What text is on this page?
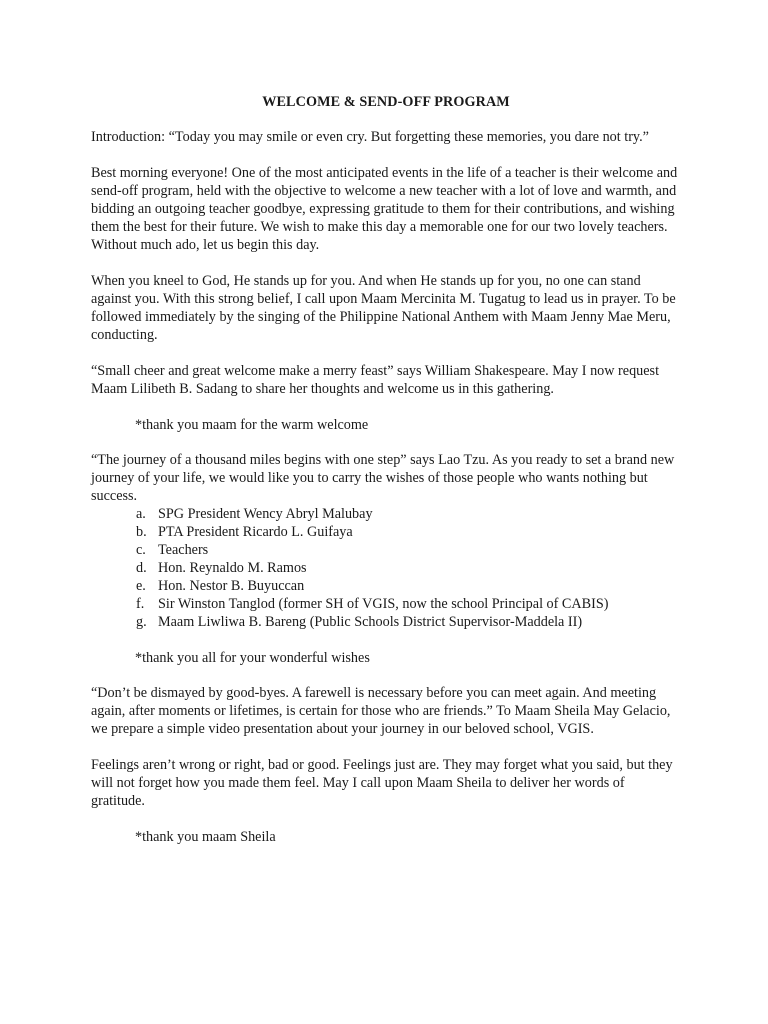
WELCOME & SEND-OFF PROGRAM

Introduction: “Today you may smile or even cry. But forgetting these memories, you dare not try.”

Best morning everyone! One of the most anticipated events in the life of a teacher is their welcome and send-off program, held with the objective to welcome a new teacher with a lot of love and warmth, and bidding an outgoing teacher goodbye, expressing gratitude to them for their contributions, and wishing them the best for their future. We wish to make this day a memorable one for our two lovely teachers. Without much ado, let us begin this day.

When you kneel to God, He stands up for you. And when He stands up for you, no one can stand against you. With this strong belief, I call upon Maam Mercinita M. Tugatug to lead us in prayer. To be followed immediately by the singing of the Philippine National Anthem with Maam Jenny Mae Meru, conducting.

“Small cheer and great welcome make a merry feast” says William Shakespeare. May I now request Maam Lilibeth B. Sadang to share her thoughts and welcome us in this gathering.

*thank you maam for the warm welcome

“The journey of a thousand miles begins with one step” says Lao Tzu. As you ready to set a brand new journey of your life, we would like you to carry the wishes of those people who wants nothing but success.

a. SPG President Wency Abryl Malubay
b. PTA President Ricardo L. Guifaya
c. Teachers
d. Hon. Reynaldo M. Ramos
e. Hon. Nestor B. Buyuccan
f. Sir Winston Tanglod (former SH of VGIS, now the school Principal of CABIS)
g. Maam Liwliwa B. Bareng (Public Schools District Supervisor-Maddela II)

*thank you all for your wonderful wishes

“Don’t be dismayed by good-byes. A farewell is necessary before you can meet again. And meeting again, after moments or lifetimes, is certain for those who are friends.” To Maam Sheila May Gelacio, we prepare a simple video presentation about your journey in our beloved school, VGIS.

Feelings aren’t wrong or right, bad or good. Feelings just are. They may forget what you said, but they will not forget how you made them feel. May I call upon Maam Sheila to deliver her words of gratitude.

*thank you maam Sheila
